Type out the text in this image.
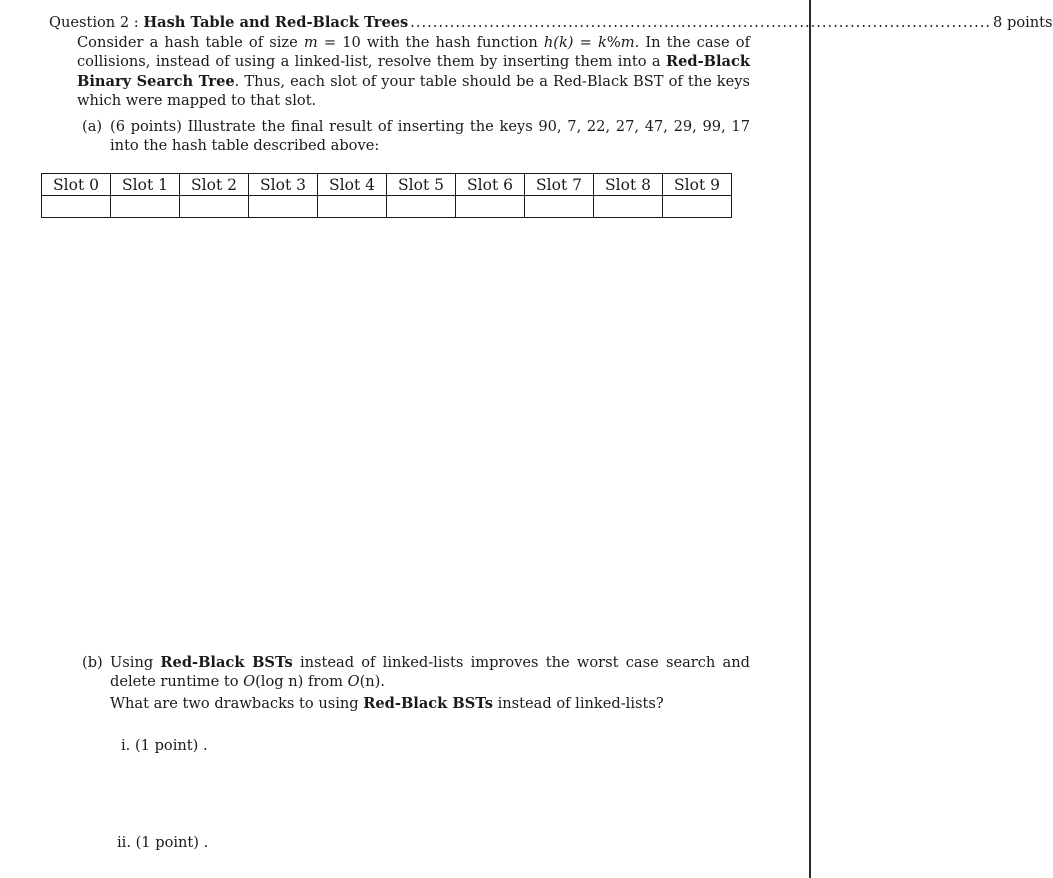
Question 2 :
Hash Table and Red-Black Trees ....................................................................................................... 8 points
Consider a hash table of size m = 10 with the hash function h(k) = k%m. In the case of collisions, instead of using a linked-list, resolve them by inserting them into a Red-Black Binary Search Tree. Thus, each slot of your table should be a Red-Black BST of the keys which were mapped to that slot.
(a) (6 points) Illustrate the final result of inserting the keys 90, 7, 22, 27, 47, 29, 99, 17 into the hash table described above:
Slot 0	Slot 1	Slot 2	Slot 3	Slot 4	Slot 5	Slot 6	Slot 7	Slot 8	Slot 9

(b) Using Red-Black BSTs instead of linked-lists improves the worst case search and delete runtime to O(log n) from O(n).
What are two drawbacks to using Red-Black BSTs instead of linked-lists?
i. (1 point) .
ii. (1 point) .
